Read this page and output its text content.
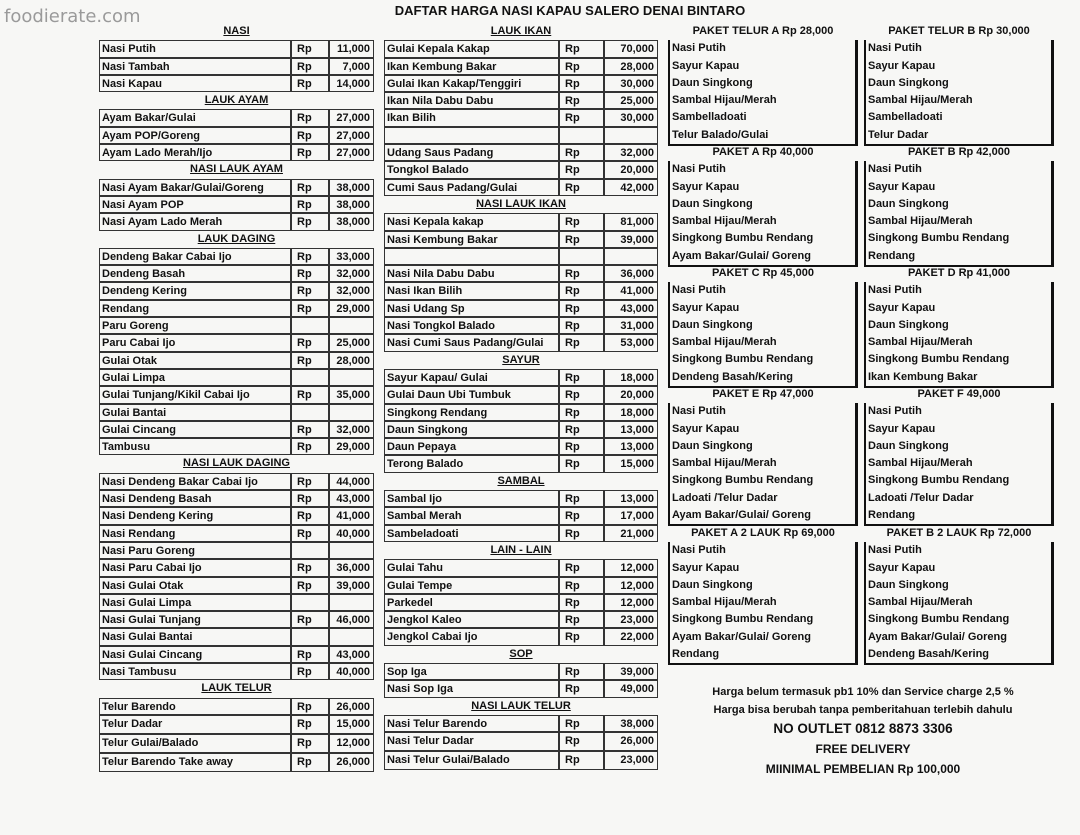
foodierate.com	DAFTAR HARGA NASI KAPAU SALERO DENAI BINTARO
NASI
Nasi Putih	Rp	11,000
Nasi Tambah	Rp	7,000
Nasi Kapau	Rp	14,000
LAUK AYAM
Ayam Bakar/Gulai	Rp	27,000
Ayam POP/Goreng	Rp	27,000
Ayam Lado Merah/Ijo	Rp	27,000
NASI LAUK AYAM
Nasi Ayam Bakar/Gulai/Goreng	Rp	38,000
Nasi Ayam POP	Rp	38,000
Nasi Ayam Lado Merah	Rp	38,000
LAUK DAGING
Dendeng Bakar Cabai Ijo	Rp	33,000
Dendeng Basah	Rp	32,000
Dendeng Kering	Rp	32,000
Rendang	Rp	29,000
Paru Goreng
Paru Cabai Ijo	Rp	25,000
Gulai Otak	Rp	28,000
Gulai Limpa
Gulai Tunjang/Kikil Cabai Ijo	Rp	35,000
Gulai Bantai
Gulai Cincang	Rp	32,000
Tambusu	Rp	29,000
NASI LAUK DAGING
Nasi Dendeng Bakar Cabai Ijo	Rp	44,000
Nasi Dendeng Basah	Rp	43,000
Nasi Dendeng Kering	Rp	41,000
Nasi Rendang	Rp	40,000
Nasi Paru Goreng
Nasi Paru Cabai Ijo	Rp	36,000
Nasi Gulai Otak	Rp	39,000
Nasi Gulai Limpa
Nasi Gulai Tunjang	Rp	46,000
Nasi Gulai Bantai
Nasi Gulai Cincang	Rp	43,000
Nasi Tambusu	Rp	40,000
LAUK TELUR
Telur Barendo	Rp	26,000
Telur Dadar	Rp	15,000
Telur Gulai/Balado	Rp	12,000
Telur Barendo Take away	Rp	26,000
LAUK IKAN
Gulai Kepala Kakap	Rp	70,000
Ikan Kembung Bakar	Rp	28,000
Gulai Ikan Kakap/Tenggiri	Rp	30,000
Ikan Nila Dabu Dabu	Rp	25,000
Ikan Bilih	Rp	30,000
Udang Saus Padang	Rp	32,000
Tongkol Balado	Rp	20,000
Cumi Saus Padang/Gulai	Rp	42,000
NASI LAUK IKAN
Nasi Kepala kakap	Rp	81,000
Nasi Kembung Bakar	Rp	39,000
Nasi Nila Dabu Dabu	Rp	36,000
Nasi Ikan Bilih	Rp	41,000
Nasi Udang Sp	Rp	43,000
Nasi Tongkol Balado	Rp	31,000
Nasi Cumi Saus Padang/Gulai	Rp	53,000
SAYUR
Sayur Kapau/ Gulai	Rp	18,000
Gulai Daun Ubi Tumbuk	Rp	20,000
Singkong Rendang	Rp	18,000
Daun Singkong	Rp	13,000
Daun Pepaya	Rp	13,000
Terong Balado	Rp	15,000
SAMBAL
Sambal Ijo	Rp	13,000
Sambal Merah	Rp	17,000
Sambeladoati	Rp	21,000
LAIN - LAIN
Gulai Tahu	Rp	12,000
Gulai Tempe	Rp	12,000
Parkedel	Rp	12,000
Jengkol Kaleo	Rp	23,000
Jengkol Cabai Ijo	Rp	22,000
SOP
Sop Iga	Rp	39,000
Nasi Sop Iga	Rp	49,000
NASI LAUK TELUR
Nasi Telur Barendo	Rp	38,000
Nasi Telur Dadar	Rp	26,000
Nasi Telur Gulai/Balado	Rp	23,000
PAKET TELUR A Rp 28,000
Nasi Putih
Sayur Kapau
Daun Singkong
Sambal Hijau/Merah
Sambelladoati
Telur Balado/Gulai
PAKET TELUR B Rp 30,000
Nasi Putih
Sayur Kapau
Daun Singkong
Sambal Hijau/Merah
Sambelladoati
Telur Dadar
PAKET A Rp 40,000
Nasi Putih
Sayur Kapau
Daun Singkong
Sambal Hijau/Merah
Singkong Bumbu Rendang
Ayam Bakar/Gulai/ Goreng
PAKET B Rp 42,000
Nasi Putih
Sayur Kapau
Daun Singkong
Sambal Hijau/Merah
Singkong Bumbu Rendang
Rendang
PAKET C Rp 45,000
Nasi Putih
Sayur Kapau
Daun Singkong
Sambal Hijau/Merah
Singkong Bumbu Rendang
Dendeng Basah/Kering
PAKET D Rp 41,000
Nasi Putih
Sayur Kapau
Daun Singkong
Sambal Hijau/Merah
Singkong Bumbu Rendang
Ikan Kembung Bakar
PAKET E Rp 47,000
Nasi Putih
Sayur Kapau
Daun Singkong
Sambal Hijau/Merah
Singkong Bumbu Rendang
Ladoati /Telur Dadar
Ayam Bakar/Gulai/ Goreng
PAKET F 49,000
Nasi Putih
Sayur Kapau
Daun Singkong
Sambal Hijau/Merah
Singkong Bumbu Rendang
Ladoati /Telur Dadar
Rendang
PAKET A 2 LAUK Rp 69,000
Nasi Putih
Sayur Kapau
Daun Singkong
Sambal Hijau/Merah
Singkong Bumbu Rendang
Ayam Bakar/Gulai/ Goreng
Rendang
PAKET B 2 LAUK Rp 72,000
Nasi Putih
Sayur Kapau
Daun Singkong
Sambal Hijau/Merah
Singkong Bumbu Rendang
Ayam Bakar/Gulai/ Goreng
Dendeng Basah/Kering
Harga belum termasuk pb1 10% dan Service charge 2,5 %
Harga bisa berubah tanpa pemberitahuan terlebih dahulu
NO OUTLET 0812 8873 3306
FREE DELIVERY
MIINIMAL PEMBELIAN Rp 100,000
